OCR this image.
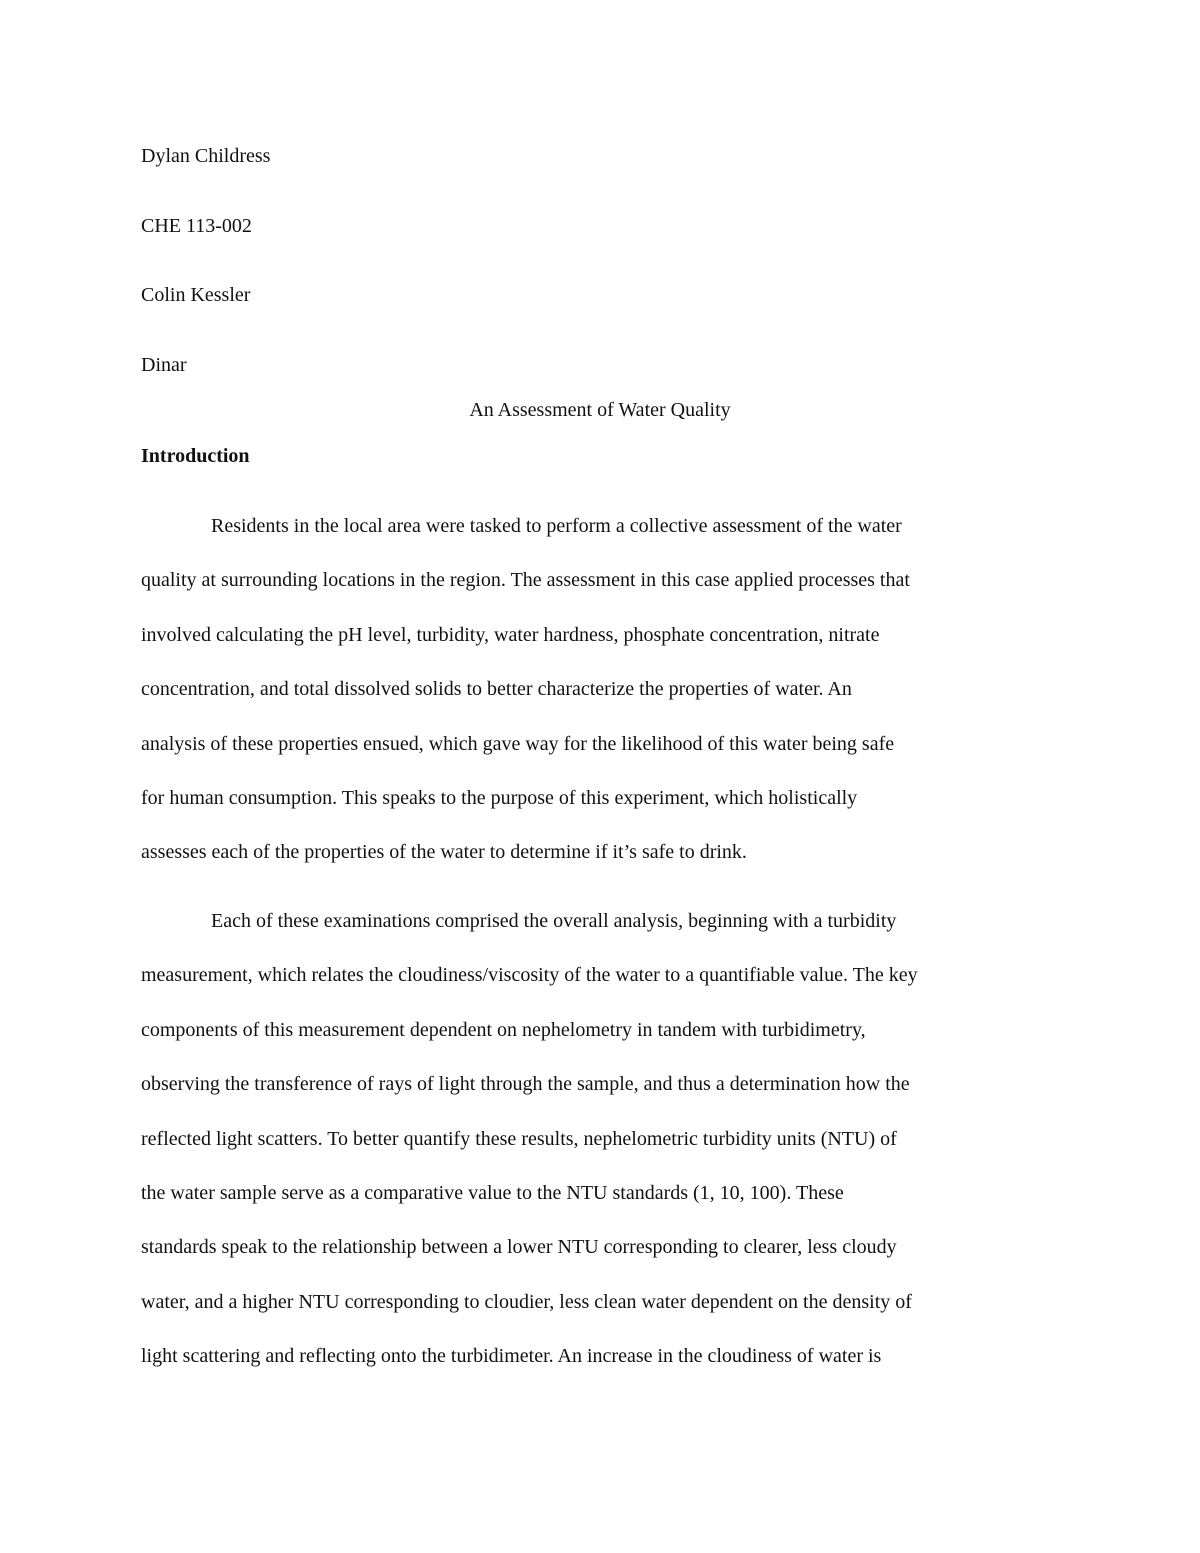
Dylan Childress

CHE 113-002

Colin Kessler

Dinar

An Assessment of Water Quality
Introduction
Residents in the local area were tasked to perform a collective assessment of the water
quality at surrounding locations in the region. The assessment in this case applied processes that
involved calculating the pH level, turbidity, water hardness, phosphate concentration, nitrate
concentration, and total dissolved solids to better characterize the properties of water. An
analysis of these properties ensued, which gave way for the likelihood of this water being safe
for human consumption. This speaks to the purpose of this experiment, which holistically
assesses each of the properties of the water to determine if it’s safe to drink.
Each of these examinations comprised the overall analysis, beginning with a turbidity
measurement, which relates the cloudiness/viscosity of the water to a quantifiable value. The key
components of this measurement dependent on nephelometry in tandem with turbidimetry,
observing the transference of rays of light through the sample, and thus a determination how the
reflected light scatters. To better quantify these results, nephelometric turbidity units (NTU) of
the water sample serve as a comparative value to the NTU standards (1, 10, 100). These
standards speak to the relationship between a lower NTU corresponding to clearer, less cloudy
water, and a higher NTU corresponding to cloudier, less clean water dependent on the density of
light scattering and reflecting onto the turbidimeter. An increase in the cloudiness of water is
